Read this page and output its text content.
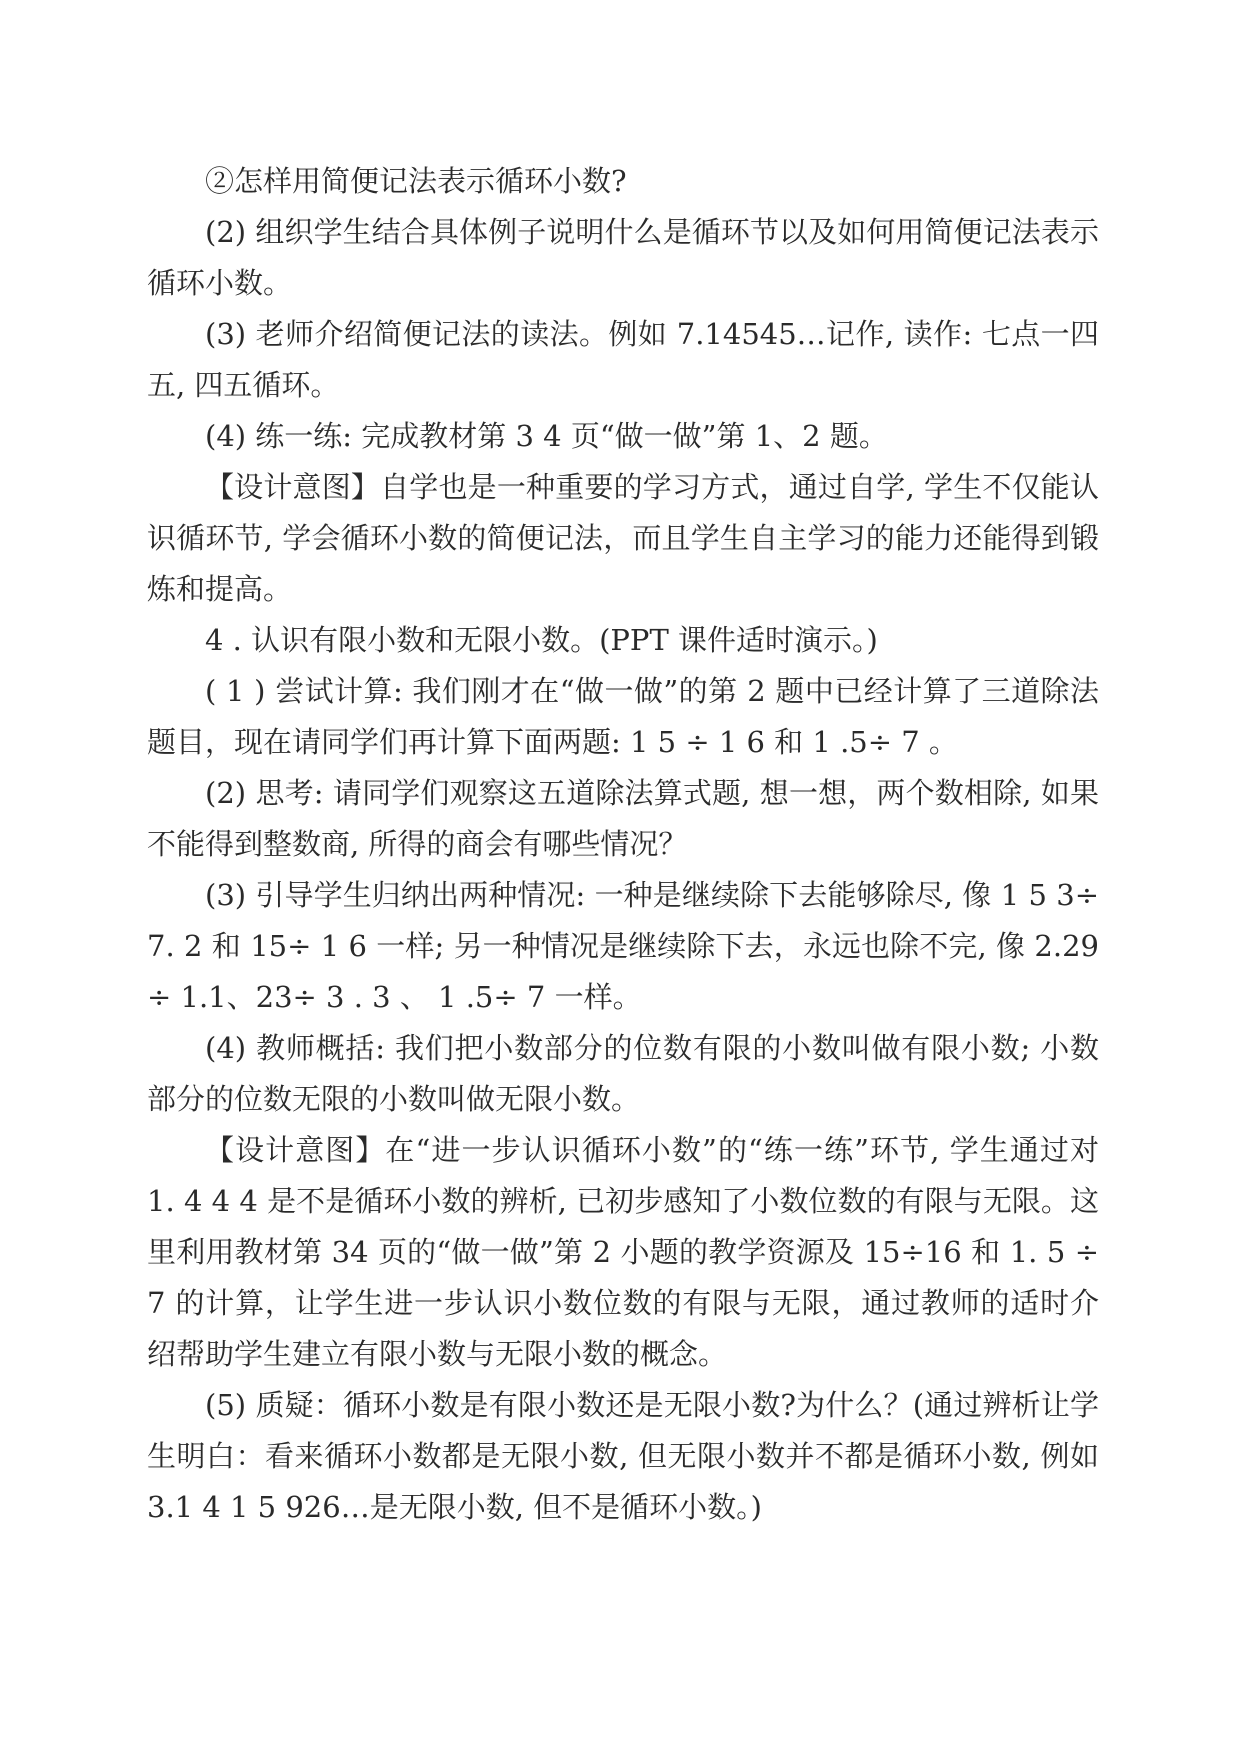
②怎样用简便记法表示循环小数?

(2) 组织学生结合具体例子说明什么是循环节以及如何用简便记法表示循环小数。

(3) 老师介绍简便记法的读法。例如 7.14545…记作, 读作: 七点一四五, 四五循环。

(4) 练一练: 完成教材第 3 4 页“做一做”第 1、2 题。

【设计意图】自学也是一种重要的学习方式，通过自学, 学生不仅能认识循环节, 学会循环小数的简便记法，而且学生自主学习的能力还能得到锻炼和提高。

4 . 认识有限小数和无限小数。(PPT 课件适时演示。)

( 1 ) 尝试计算: 我们刚才在“做一做”的第 2 题中已经计算了三道除法题目，现在请同学们再计算下面两题: 1 5 ÷ 1 6 和 1 .5÷ 7 。

(2) 思考: 请同学们观察这五道除法算式题, 想一想，两个数相除, 如果不能得到整数商, 所得的商会有哪些情况？

(3) 引导学生归纳出两种情况: 一种是继续除下去能够除尽, 像 1 5 3÷ 7. 2 和 15÷ 1 6 一样; 另一种情况是继续除下去，永远也除不完, 像 2.29÷ 1.1、23÷ 3 . 3 、 1 .5÷ 7 一样。

(4) 教师概括: 我们把小数部分的位数有限的小数叫做有限小数; 小数部分的位数无限的小数叫做无限小数。

【设计意图】在“进一步认识循环小数”的“练一练”环节, 学生通过对 1. 4 4 4 是不是循环小数的辨析, 已初步感知了小数位数的有限与无限。这里利用教材第 34 页的“做一做”第 2 小题的教学资源及 15÷16 和 1. 5 ÷ 7 的计算，让学生进一步认识小数位数的有限与无限，通过教师的适时介绍帮助学生建立有限小数与无限小数的概念。

(5) 质疑：循环小数是有限小数还是无限小数?为什么？(通过辨析让学生明白：看来循环小数都是无限小数, 但无限小数并不都是循环小数, 例如 3.1 4 1 5 926…是无限小数, 但不是循环小数。)
